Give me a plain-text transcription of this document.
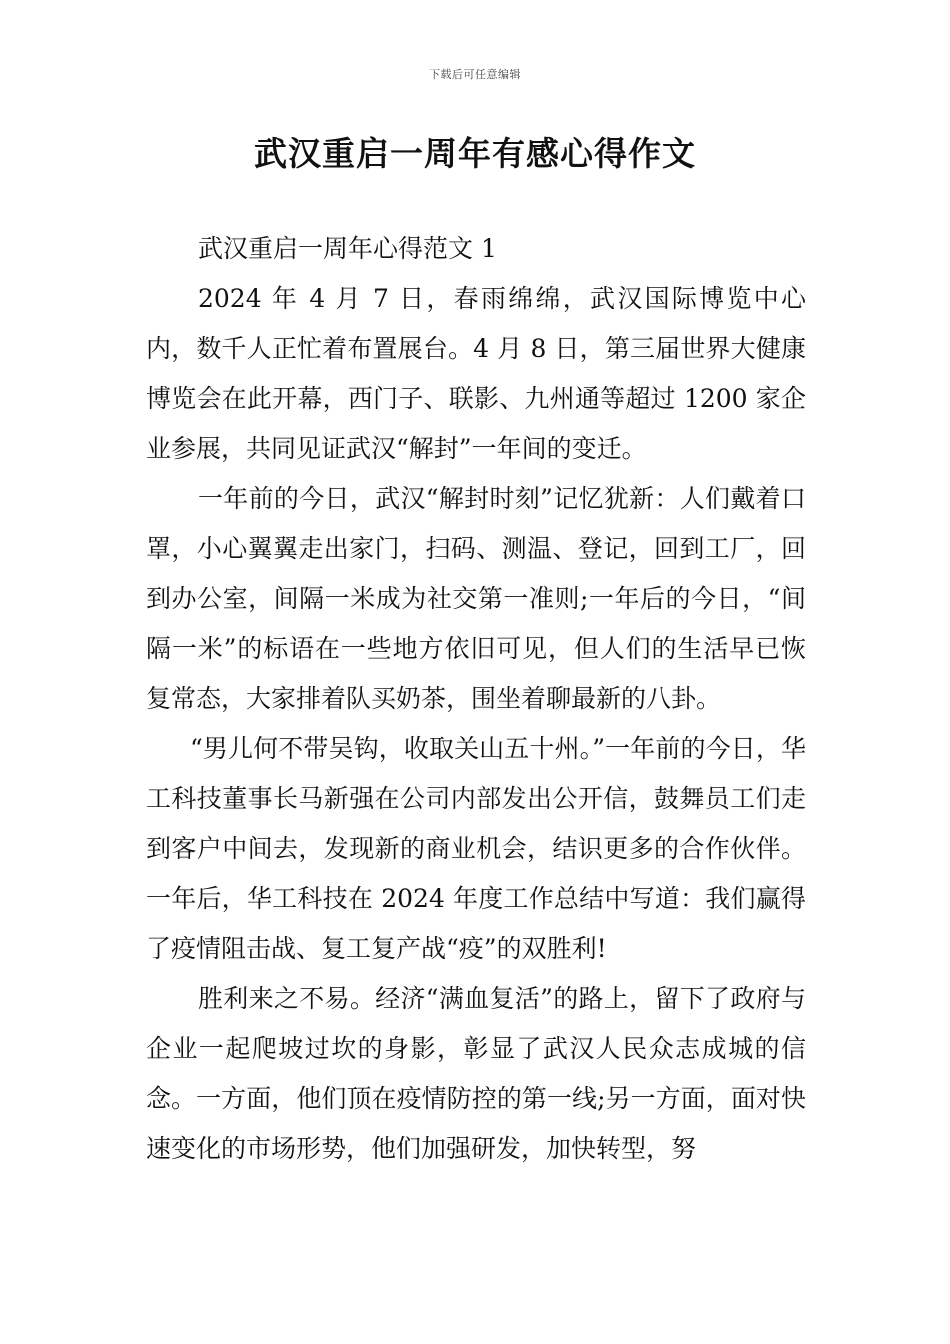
下载后可任意编辑
武汉重启一周年有感心得作文

武汉重启一周年心得范文 1

2024 年 4 月 7 日，春雨绵绵，武汉国际博览中心内，数千人正忙着布置展台。4 月 8 日，第三届世界大健康博览会在此开幕，西门子、联影、九州通等超过 1200 家企业参展，共同见证武汉“解封”一年间的变迁。

一年前的今日，武汉“解封时刻”记忆犹新：人们戴着口罩，小心翼翼走出家门，扫码、测温、登记，回到工厂，回到办公室，间隔一米成为社交第一准则;一年后的今日，“间隔一米”的标语在一些地方依旧可见，但人们的生活早已恢复常态，大家排着队买奶茶，围坐着聊最新的八卦。

“男儿何不带吴钩，收取关山五十州。”一年前的今日，华工科技董事长马新强在公司内部发出公开信，鼓舞员工们走到客户中间去，发现新的商业机会，结识更多的合作伙伴。一年后，华工科技在 2024 年度工作总结中写道：我们赢得了疫情阻击战、复工复产战“疫”的双胜利!

胜利来之不易。经济“满血复活”的路上，留下了政府与企业一起爬坡过坎的身影，彰显了武汉人民众志成城的信念。一方面，他们顶在疫情防控的第一线;另一方面，面对快速变化的市场形势，他们加强研发，加快转型，努
